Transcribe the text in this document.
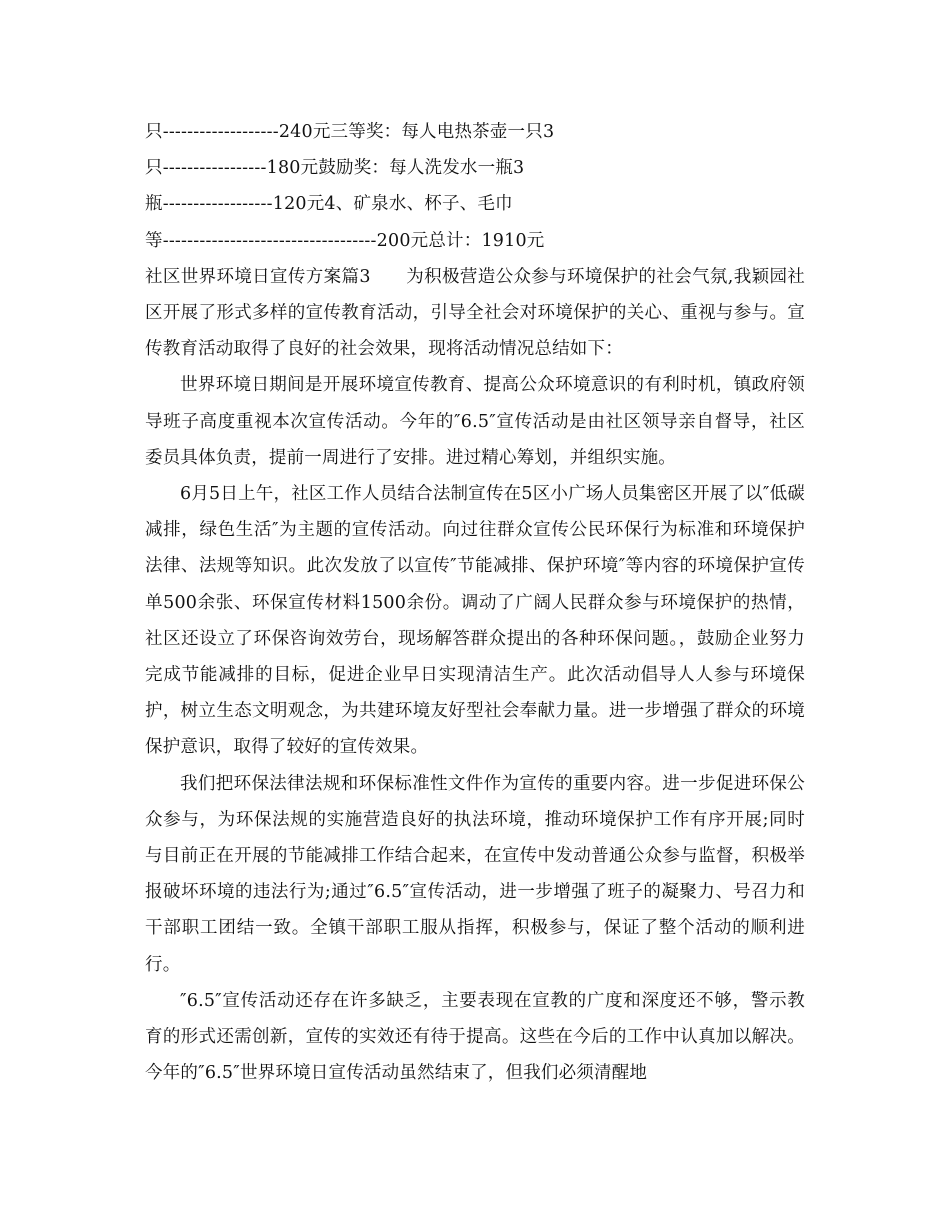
只-------------------240元三等奖：每人电热茶壶一只3
只-----------------180元鼓励奖：每人洗发水一瓶3
瓶------------------120元4、矿泉水、杯子、毛巾
等-----------------------------------200元总计：1910元

社区世界环境日宣传方案篇3 为积极营造公众参与环境保护的社会气氛,我颖园社区开展了形式多样的宣传教育活动，引导全社会对环境保护的关心、重视与参与。宣传教育活动取得了良好的社会效果，现将活动情况总结如下：

世界环境日期间是开展环境宣传教育、提高公众环境意识的有利时机，镇政府领导班子高度重视本次宣传活动。今年的″6.5″宣传活动是由社区领导亲自督导，社区委员具体负责，提前一周进行了安排。进过精心筹划，并组织实施。

6月5日上午，社区工作人员结合法制宣传在5区小广场人员集密区开展了以″低碳减排，绿色生活″为主题的宣传活动。向过往群众宣传公民环保行为标准和环境保护法律、法规等知识。此次发放了以宣传″节能减排、保护环境″等内容的环境保护宣传单500余张、环保宣传材料1500余份。调动了广阔人民群众参与环境保护的热情，社区还设立了环保咨询效劳台，现场解答群众提出的各种环保问题。，鼓励企业努力完成节能减排的目标，促进企业早日实现清洁生产。此次活动倡导人人参与环境保护，树立生态文明观念，为共建环境友好型社会奉献力量。进一步增强了群众的环境保护意识，取得了较好的宣传效果。

我们把环保法律法规和环保标准性文件作为宣传的重要内容。进一步促进环保公众参与，为环保法规的实施营造良好的执法环境，推动环境保护工作有序开展;同时与目前正在开展的节能减排工作结合起来，在宣传中发动普通公众参与监督，积极举报破坏环境的违法行为;通过″6.5″宣传活动，进一步增强了班子的凝聚力、号召力和干部职工团结一致。全镇干部职工服从指挥，积极参与，保证了整个活动的顺利进行。

″6.5″宣传活动还存在许多缺乏，主要表现在宣教的广度和深度还不够，警示教育的形式还需创新，宣传的实效还有待于提高。这些在今后的工作中认真加以解决。今年的″6.5″世界环境日宣传活动虽然结束了，但我们必须清醒地
